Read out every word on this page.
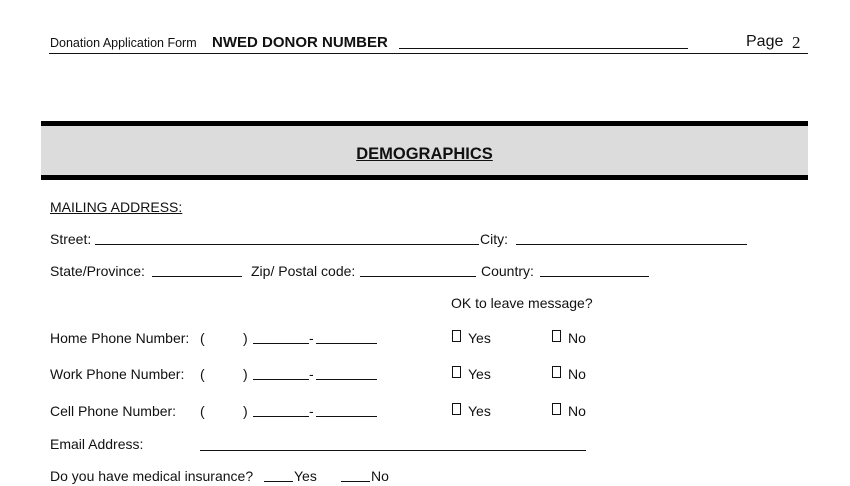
Donation Application Form NWED DONOR NUMBER	Page 2
DEMOGRAPHICS
MAILING ADDRESS:
Street:	City:
State/Province:	Zip/ Postal code:	Country:
OK to leave message?
Home Phone Number: (	)	-	Yes	No
Work Phone Number: (	)	-	Yes	No
Cell Phone Number: (	)	-	Yes	No
Email Address:
Do you have medical insurance?	Yes	No
